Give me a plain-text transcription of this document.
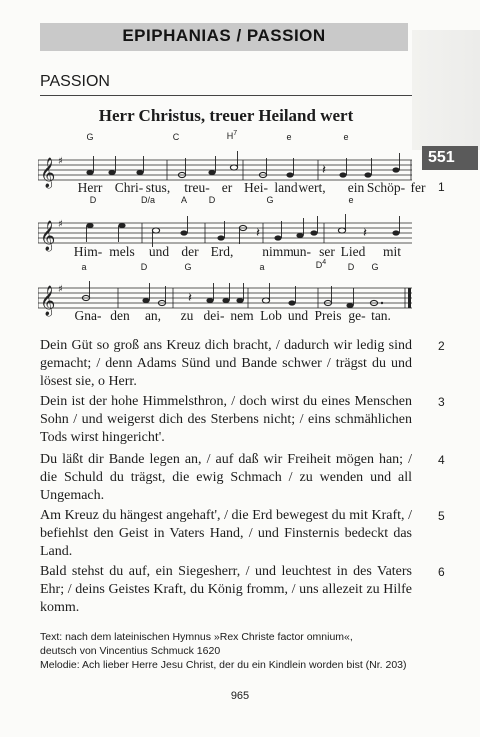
EPIPHANIAS / PASSION
PASSION
Herr Christus, treuer Heiland wert
551
1
G	C	$H^7$	e	e
𝄞 ♯
𝄽
Herr Chri- stus, treu- er Hei- land wert, ein Schöp- fer
D	D/a	A D	G	e
𝄞 ♯
𝄽	𝄽
Him- mels und der Erd, nimm un- ser Lied mit
a	D	G	a	$D^4$ D G
𝄞 ♯
𝄽
Gna- den an, zu dei- nem Lob und Preis ge- tan.
Dein Güt so groß ans Kreuz dich bracht, / dadurch wir ledig sind gemacht; / denn Adams Sünd und Bande schwer / trägst du und lösest sie, o Herr.
2
Dein ist der hohe Himmelsthron, / doch wirst du eines Menschen Sohn / und weigerst dich des Sterbens nicht; / eins schmählichen Tods wirst hingericht'.
3
Du läßt dir Bande legen an, / auf daß wir Freiheit mögen han; / die Schuld du trägst, die ewig Schmach / zu wenden und all Ungemach.
4
Am Kreuz du hängest angehaft', / die Erd bewegest du mit Kraft, / befiehlst den Geist in Vaters Hand, / und Finsternis bedeckt das Land.
5
Bald stehst du auf, ein Siegesherr, / und leuchtest in des Vaters Ehr; / deins Geistes Kraft, du König fromm, / uns allezeit zu Hilfe komm.
6
Text: nach dem lateinischen Hymnus »Rex Christe factor omnium«,
deutsch von Vincentius Schmuck 1620
Melodie: Ach lieber Herre Jesu Christ, der du ein Kindlein worden bist (Nr. 203)
965
